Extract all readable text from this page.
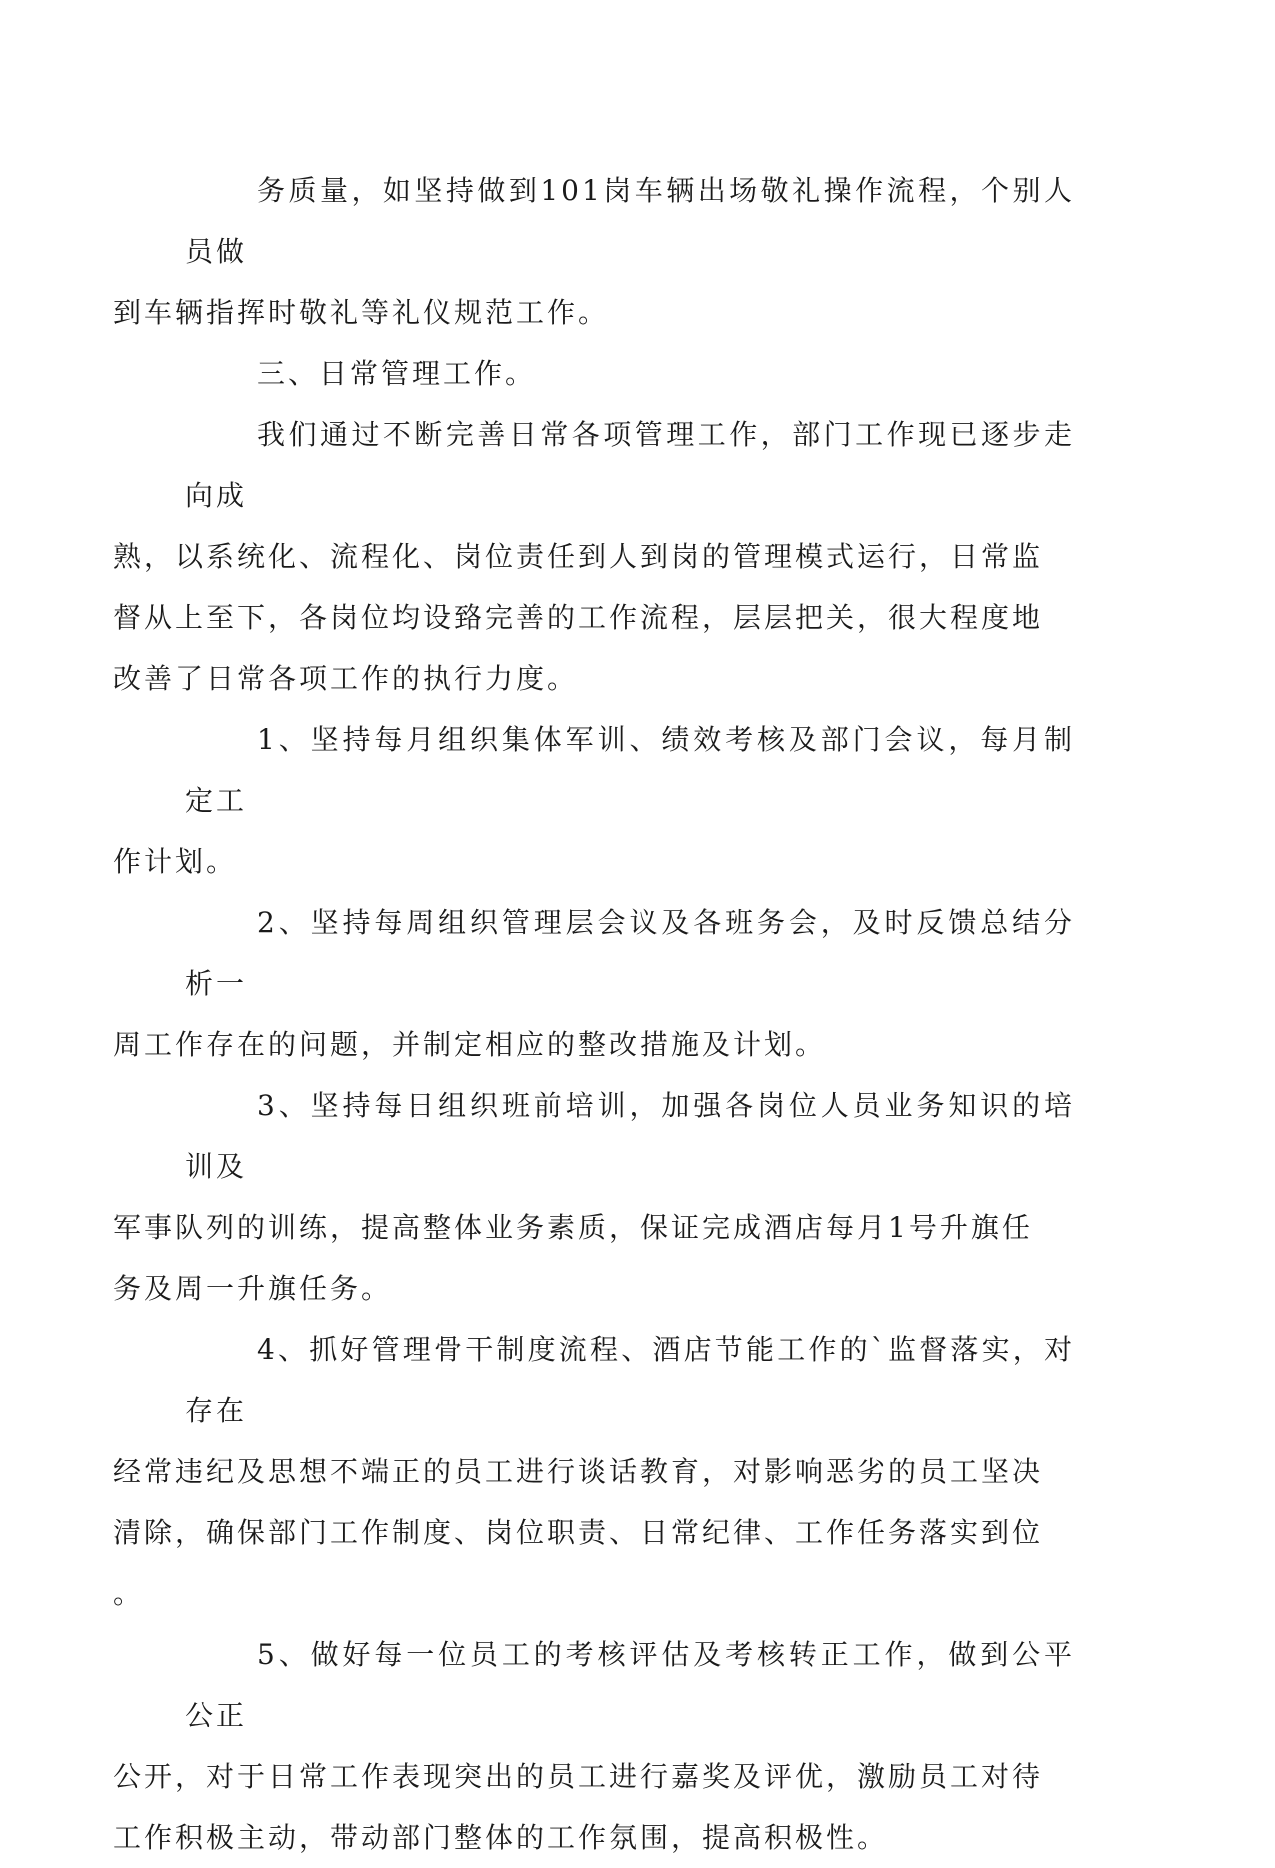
务质量，如坚持做到101岗车辆出场敬礼操作流程，个别人员做
到车辆指挥时敬礼等礼仪规范工作。

三、日常管理工作。

我们通过不断完善日常各项管理工作，部门工作现已逐步走向成
熟，以系统化、流程化、岗位责任到人到岗的管理模式运行，日常监
督从上至下，各岗位均设臵完善的工作流程，层层把关，很大程度地
改善了日常各项工作的执行力度。

1、坚持每月组织集体军训、绩效考核及部门会议，每月制定工
作计划。

2、坚持每周组织管理层会议及各班务会，及时反馈总结分析一
周工作存在的问题，并制定相应的整改措施及计划。

3、坚持每日组织班前培训，加强各岗位人员业务知识的培训及
军事队列的训练，提高整体业务素质，保证完成酒店每月1号升旗任
务及周一升旗任务。

4、抓好管理骨干制度流程、酒店节能工作的`监督落实，对存在
经常违纪及思想不端正的员工进行谈话教育，对影响恶劣的员工坚决
清除，确保部门工作制度、岗位职责、日常纪律、工作任务落实到位
。

5、做好每一位员工的考核评估及考核转正工作，做到公平公正
公开，对于日常工作表现突出的员工进行嘉奖及评优，激励员工对待
工作积极主动，带动部门整体的工作氛围，提高积极性。
